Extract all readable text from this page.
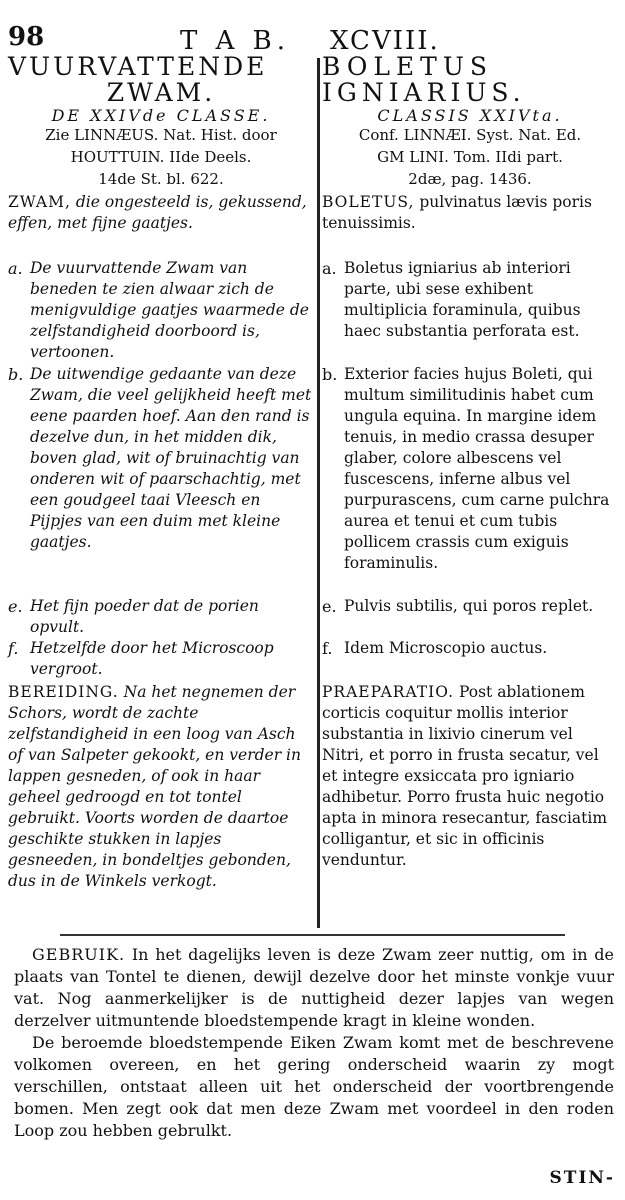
98	T A B. XCVIII.
VUURVATTENDE
ZWAM.
DE XXIVde CLASSE.
Zie LINNÆUS. Nat. Hist. door
HOUTTUIN. IIde Deels.
14de St. bl. 622.
ZWAM, die ongesteeld is, gekussend, effen, met fijne gaatjes.
a. De vuurvattende Zwam van beneden te zien alwaar zich de menigvuldige gaatjes waarmede de zelfstandigheid doorboord is, vertoonen.
b. De uitwendige gedaante van deze Zwam, die veel gelijkheid heeft met eene paarden hoef. Aan den rand is dezelve dun, in het midden dik, boven glad, wit of bruinachtig van onderen wit of paarschachtig, met een goudgeel taai Vleesch en Pijpjes van een duim met kleine gaatjes.
e. Het fijn poeder dat de porien opvult.
f. Hetzelfde door het Microscoop vergroot.
BEREIDING. Na het negnemen der Schors, wordt de zachte zelfstandigheid in een loog van Asch of van Salpeter gekookt, en verder in lappen gesneden, of ook in haar geheel gedroogd en tot tontel gebruikt. Voorts worden de daartoe geschikte stukken in lapjes gesneeden, in bondeltjes gebonden, dus in de Winkels verkogt.
BOLETUS
IGNIARIUS.
CLASSIS XXIVta.
Conf. LINNÆI. Syst. Nat. Ed.
GM LINI. Tom. IIdi part.
2dæ, pag. 1436.
BOLETUS, pulvinatus lævis poris tenuissimis.
a. Boletus igniarius ab interiori parte, ubi sese exhibent multiplicia foraminula, quibus haec substantia perforata est.
b. Exterior facies hujus Boleti, qui multum similitudinis habet cum ungula equina. In margine idem tenuis, in medio crassa desuper glaber, colore albescens vel fuscescens, inferne albus vel purpurascens, cum carne pulchra aurea et tenui et cum tubis pollicem crassis cum exiguis foraminulis.
e. Pulvis subtilis, qui poros replet.
f. Idem Microscopio auctus.
PRAEPARATIO. Post ablationem corticis coquitur mollis interior substantia in lixivio cinerum vel Nitri, et porro in frusta secatur, vel et integre exsiccata pro igniario adhibetur. Porro frusta huic negotio apta in minora resecantur, fasciatim colligantur, et sic in officinis venduntur.

GEBRUIK. In het dagelijks leven is deze Zwam zeer nuttig, om in de plaats van Tontel te dienen, dewijl dezelve door het minste vonkje vuur vat. Nog aanmerkelijker is de nuttigheid dezer lapjes van wegen derzelver uitmuntende bloedstempende kragt in kleine wonden.

De beroemde bloedstempende Eiken Zwam komt met de beschrevene volkomen overeen, en het gering onderscheid waarin zy mogt verschillen, ontstaat alleen uit het onderscheid der voortbrengende bomen. Men zegt ook dat men deze Zwam met voordeel in den roden Loop zou hebben gebrulkt.

STIN-
